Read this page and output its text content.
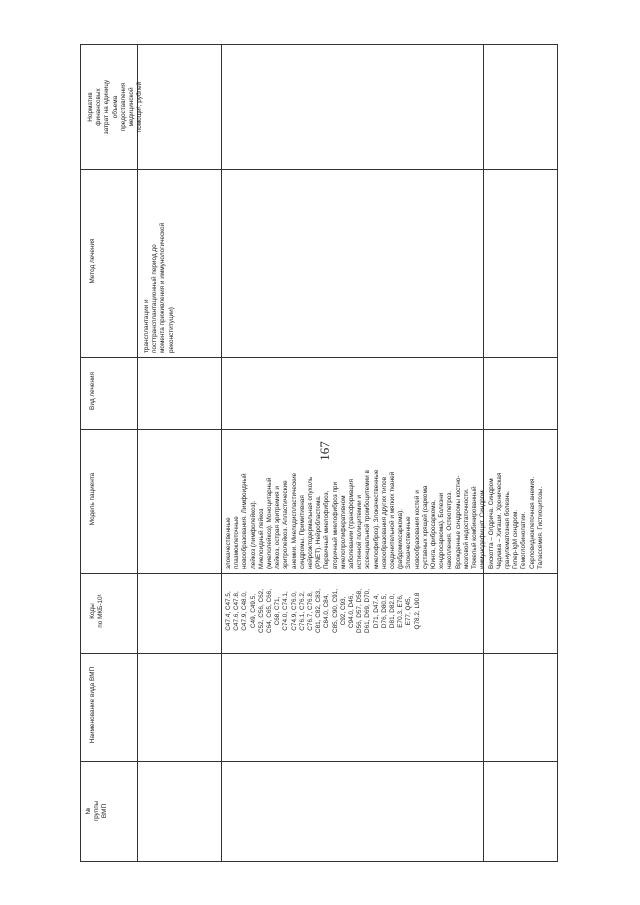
167
Норматив
финансовых
затрат на единицу
объема
предоставления
медицинской
помощи², рублей
Метод лечения
Вид лечения
Модель пациента
Коды
по МКБ-10¹
Наименование вида ВМП
№
группы
ВМП
трансплантации и
посттрансплантационный период до
момента приживления и иммунологической
реконституции)
злокачественные
плазмоклеточные
новообразования. Лимфоидный
лейкоз (лимфолейкоз).
Миелоидный лейкоз
(миелолейкоз). Моноцитарный
лейкоз, острая эритремия и
эритролейкоз. Апластические
анемии. Миелодиспластические
синдромы. Примитивная
нейроэктодермальная опухоль
(PNET). Нейробластома.
Первичный миелофиброз,
вторичный миелофиброз при
миелопролиферативном
заболевании (трансформация
истинной полицитемии и
эссенциальной тромбоцитемии в
миелофиброз). Злокачественные
новообразования других типов
соединительной и мягких тканей
(рабдомиосаркома).
Злокачественные
новообразования костей и
суставных хрящей (саркома
Юинга, фибросаркома,
хондросаркома). Болезни
накопления. Остеопетроз.
Врожденные синдромы костно-
мозговой недостаточности.
Тяжелый комбинированный
иммунодефицит. Синдром
Вискотта – Олдрича. Синдром
Чедиака – Хигаши. Хроническая
гранулематозная болезнь.
Гипер-IgM синдром.
Гемоглобинопатии.
Серповидноклеточная анемия.
Талассемия. Гистиоцитозы.
С47.4, С47.5,
С47.6, С47.8,
С47.9, С48.0,
С49, С49.5,
С52, С56, С62,
С64, С65, С66,
С68, С71,
С74.0, С74.1,
С74.9, С76.0,
С76.1, С76.2,
С76.7, С76.8,
С81, С82, С83,
С84.0, С84,
С85, С90, С91,
С92, С93,
С94.0, D46,
D56, D57, D58,
D61, D69, D70,
D71, D47.4,
D76, D80.5,
D81, D82.0,
E70.3, E76,
E77, Q45,
Q78.2, L90.8
